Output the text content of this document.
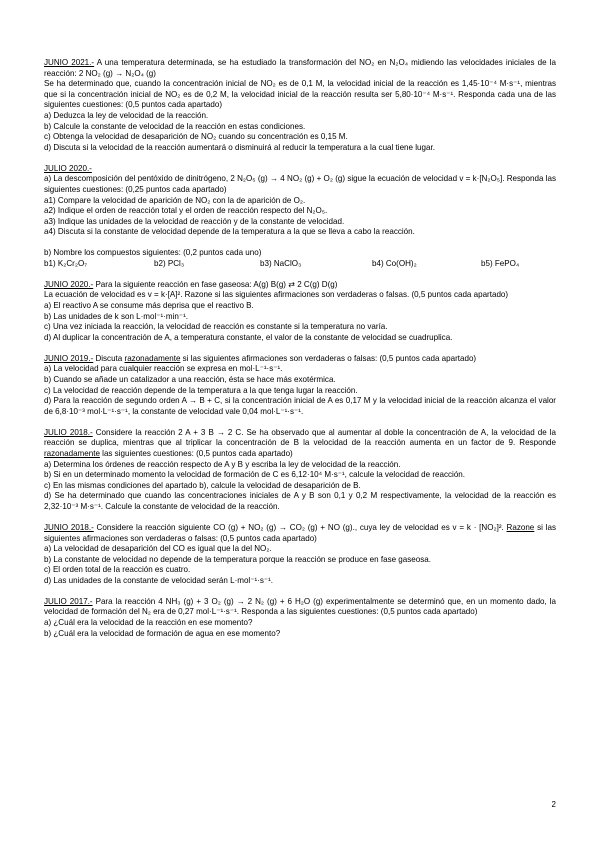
JUNIO 2021.- A una temperatura determinada, se ha estudiado la transformación del NO₂ en N₂O₄ midiendo las velocidades iniciales de la reacción: 2 NO₂ (g) → N₂O₄ (g)

Se ha determinado que, cuando la concentración inicial de NO₂ es de 0,1 M, la velocidad inicial de la reacción es 1,45·10⁻⁴ M·s⁻¹, mientras que si la concentración inicial de NO₂ es de 0,2 M, la velocidad inicial de la reacción resulta ser 5,80·10⁻⁴ M·s⁻¹. Responda cada una de las siguientes cuestiones: (0,5 puntos cada apartado)

a) Deduzca la ley de velocidad de la reacción.

b) Calcule la constante de velocidad de la reacción en estas condiciones.

c) Obtenga la velocidad de desaparición de NO₂ cuando su concentración es 0,15 M.

d) Discuta si la velocidad de la reacción aumentará o disminuirá al reducir la temperatura a la cual tiene lugar.

JULIO 2020.-

a) La descomposición del pentóxido de dinitrógeno, 2 N₂O₅ (g) → 4 NO₂ (g) + O₂ (g) sigue la ecuación de velocidad v = k·[N₂O₅]. Responda las siguientes cuestiones: (0,25 puntos cada apartado)

a1) Compare la velocidad de aparición de NO₂ con la de aparición de O₂.

a2) Indique el orden de reacción total y el orden de reacción respecto del N₂O₅.

a3) Indique las unidades de la velocidad de reacción y de la constante de velocidad.

a4) Discuta si la constante de velocidad depende de la temperatura a la que se lleva a cabo la reacción.

b) Nombre los compuestos siguientes: (0,2 puntos cada uno)

b1) K₂Cr₂O₇	b2) PCl₃	b3) NaClO₃	b4) Co(OH)₂	b5) FePO₄

JUNIO 2020.- Para la siguiente reacción en fase gaseosa: A(g) B(g) ⇄ 2 C(g) D(g)

La ecuación de velocidad es v = k·[A]². Razone si las siguientes afirmaciones son verdaderas o falsas. (0,5 puntos cada apartado)

a) El reactivo A se consume más deprisa que el reactivo B.

b) Las unidades de k son L·mol⁻¹·min⁻¹.

c) Una vez iniciada la reacción, la velocidad de reacción es constante si la temperatura no varía.

d) Al duplicar la concentración de A, a temperatura constante, el valor de la constante de velocidad se cuadruplica.

JUNIO 2019.- Discuta razonadamente si las siguientes afirmaciones son verdaderas o falsas: (0,5 puntos cada apartado)

a) La velocidad para cualquier reacción se expresa en mol·L⁻¹·s⁻¹.

b) Cuando se añade un catalizador a una reacción, ésta se hace más exotérmica.

c) La velocidad de reacción depende de la temperatura a la que tenga lugar la reacción.

d) Para la reacción de segundo orden A → B + C, si la concentración inicial de A es 0,17 M y la velocidad inicial de la reacción alcanza el valor de 6,8·10⁻³ mol·L⁻¹·s⁻¹, la constante de velocidad vale 0,04 mol·L⁻¹·s⁻¹.

JULIO 2018.- Considere la reacción 2 A + 3 B → 2 C. Se ha observado que al aumentar al doble la concentración de A, la velocidad de la reacción se duplica, mientras que al triplicar la concentración de B la velocidad de la reacción aumenta en un factor de 9. Responde razonadamente las siguientes cuestiones: (0,5 puntos cada apartado)

a) Determina los órdenes de reacción respecto de A y B y escriba la ley de velocidad de la reacción.

b) Si en un determinado momento la velocidad de formación de C es 6,12·10⁴ M·s⁻¹, calcule la velocidad de reacción.

c) En las mismas condiciones del apartado b), calcule la velocidad de desaparición de B.

d) Se ha determinado que cuando las concentraciones iniciales de A y B son 0,1 y 0,2 M respectivamente, la velocidad de la reacción es 2,32·10⁻³ M·s⁻¹. Calcule la constante de velocidad de la reacción.

JUNIO 2018.- Considere la reacción siguiente CO (g) + NO₂ (g) → CO₂ (g) + NO (g)., cuya ley de velocidad es v = k · [NO₂]². Razone si las siguientes afirmaciones son verdaderas o falsas: (0,5 puntos cada apartado)

a) La velocidad de desaparición del CO es igual que la del NO₂.

b) La constante de velocidad no depende de la temperatura porque la reacción se produce en fase gaseosa.

c) El orden total de la reacción es cuatro.

d) Las unidades de la constante de velocidad serán L·mol⁻¹·s⁻¹.

JULIO 2017.- Para la reacción 4 NH₃ (g) + 3 O₂ (g) → 2 N₂ (g) + 6 H₂O (g) experimentalmente se determinó que, en un momento dado, la velocidad de formación del N₂ era de 0,27 mol·L⁻¹·s⁻¹. Responda a las siguientes cuestiones: (0,5 puntos cada apartado)

a) ¿Cuál era la velocidad de la reacción en ese momento?

b) ¿Cuál era la velocidad de formación de agua en ese momento?

2
